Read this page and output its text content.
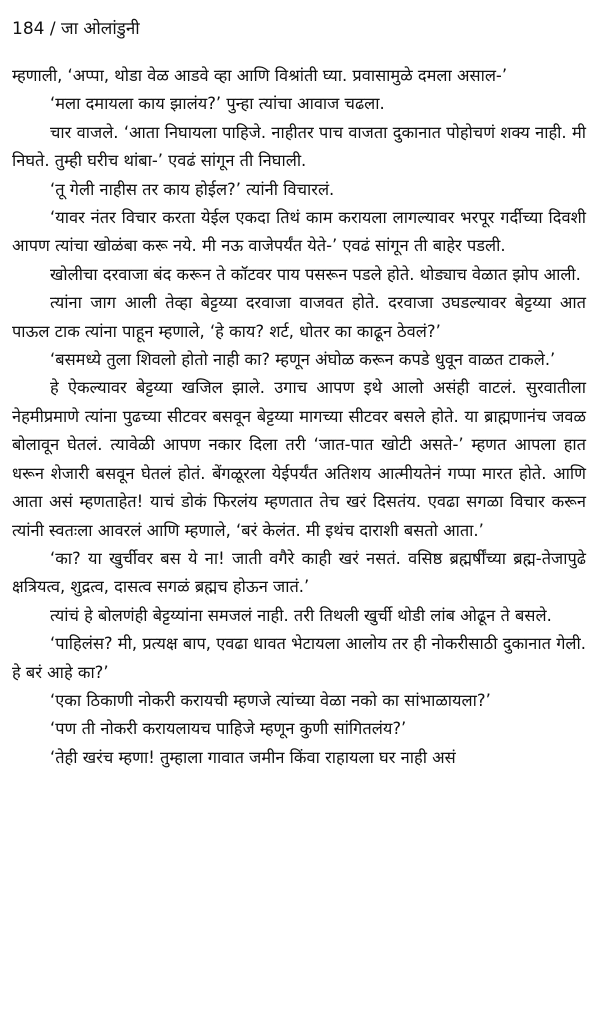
184 / जा ओलांडुनी

म्हणाली, ‘अप्पा, थोडा वेळ आडवे व्हा आणि विश्रांती घ्या. प्रवासामुळे दमला असाल-’

‘मला दमायला काय झालंय?’ पुन्हा त्यांचा आवाज चढला.

चार वाजले. ‘आता निघायला पाहिजे. नाहीतर पाच वाजता दुकानात पोहोचणं शक्य नाही. मी निघते. तुम्ही घरीच थांबा-’ एवढं सांगून ती निघाली.

‘तू गेली नाहीस तर काय होईल?’ त्यांनी विचारलं.

‘यावर नंतर विचार करता येईल एकदा तिथं काम करायला लागल्यावर भरपूर गर्दीच्या दिवशी आपण त्यांचा खोळंबा करू नये. मी नऊ वाजेपर्यंत येते-’ एवढं सांगून ती बाहेर पडली.

खोलीचा दरवाजा बंद करून ते कॉटवर पाय पसरून पडले होते. थोड्याच वेळात झोप आली.

त्यांना जाग आली तेव्हा बेट्टय्या दरवाजा वाजवत होते. दरवाजा उघडल्यावर बेट्टय्या आत पाऊल टाक त्यांना पाहून म्हणाले, ‘हे काय? शर्ट, धोतर का काढून ठेवलं?’

‘बसमध्ये तुला शिवलो होतो नाही का? म्हणून अंघोळ करून कपडे धुवून वाळत टाकले.’

हे ऐकल्यावर बेट्टय्या खजिल झाले. उगाच आपण इथे आलो असंही वाटलं. सुरवातीला नेहमीप्रमाणे त्यांना पुढच्या सीटवर बसवून बेट्टय्या मागच्या सीटवर बसले होते. या ब्राह्मणानंच जवळ बोलावून घेतलं. त्यावेळी आपण नकार दिला तरी ‘जात-पात खोटी असते-’ म्हणत आपला हात धरून शेजारी बसवून घेतलं होतं. बेंगळूरला येईपर्यंत अतिशय आत्मीयतेनं गप्पा मारत होते. आणि आता असं म्हणताहेत! याचं डोकं फिरलंय म्हणतात तेच खरं दिसतंय. एवढा सगळा विचार करून त्यांनी स्वतःला आवरलं आणि म्हणाले, ‘बरं केलंत. मी इथंच दाराशी बसतो आता.’

‘का? या खुर्चीवर बस ये ना! जाती वगैरे काही खरं नसतं. वसिष्ठ ब्रह्मर्षींच्या ब्रह्म-तेजापुढे क्षत्रियत्व, शुद्रत्व, दासत्व सगळं ब्रह्मच होऊन जातं.’

त्यांचं हे बोलणंही बेट्टय्यांना समजलं नाही. तरी तिथली खुर्ची थोडी लांब ओढून ते बसले.

‘पाहिलंस? मी, प्रत्यक्ष बाप, एवढा धावत भेटायला आलोय तर ही नोकरीसाठी दुकानात गेली. हे बरं आहे का?’

‘एका ठिकाणी नोकरी करायची म्हणजे त्यांच्या वेळा नको का सांभाळायला?’

‘पण ती नोकरी करायलायच पाहिजे म्हणून कुणी सांगितलंय?’

‘तेही खरंच म्हणा! तुम्हाला गावात जमीन किंवा राहायला घर नाही असं
